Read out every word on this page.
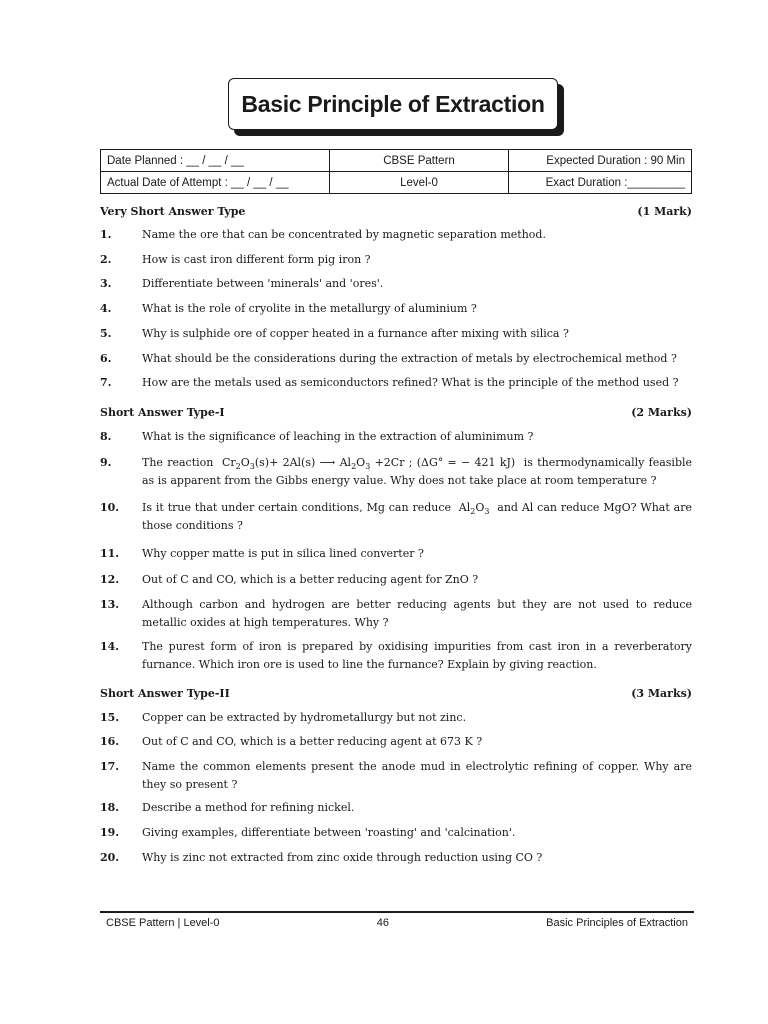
Basic Principle of Extraction
Date Planned : __ / __ / __	CBSE Pattern	Expected Duration : 90 Min
Actual Date of Attempt : __ / __ / __	Level-0	Exact Duration :_________
Very Short Answer Type	(1 Mark)
1.	Name the ore that can be concentrated by magnetic separation method.
2.	How is cast iron different form pig iron ?
3.	Differentiate between 'minerals' and 'ores'.
4.	What is the role of cryolite in the metallurgy of aluminium ?
5.	Why is sulphide ore of copper heated in a furnance after mixing with silica ?
6.	What should be the considerations during the extraction of metals by electrochemical method ?
7.	How are the metals used as semiconductors refined? What is the principle of the method used ?
Short Answer Type-I	(2 Marks)
8.	What is the significance of leaching in the extraction of aluminimum ?
9.	The reaction $Cr_2O_3(s)+ 2Al(s)$ ⟶ $Al_2O_3 +2Cr$ ; (ΔG° = − 421 kJ) is thermodynamically feasible as is apparent from the Gibbs energy value. Why does not take place at room temperature ?
10. Is it true that under certain conditions, Mg can reduce $Al_2O_3$ and Al can reduce MgO? What are those conditions ?
11. Why copper matte is put in silica lined converter ?
12. Out of C and CO, which is a better reducing agent for ZnO ?
13. Although carbon and hydrogen are better reducing agents but they are not used to reduce metallic oxides at high temperatures. Why ?
14. The purest form of iron is prepared by oxidising impurities from cast iron in a reverberatory furnance. Which iron ore is used to line the furnance? Explain by giving reaction.
Short Answer Type-II	(3 Marks)
15. Copper can be extracted by hydrometallurgy but not zinc.
16. Out of C and CO, which is a better reducing agent at 673 K ?
17. Name the common elements present the anode mud in electrolytic refining of copper. Why are they so present ?
18. Describe a method for refining nickel.
19. Giving examples, differentiate between 'roasting' and 'calcination'.
20. Why is zinc not extracted from zinc oxide through reduction using CO ?
CBSE Pattern | Level-0	46	Basic Principles of Extraction
